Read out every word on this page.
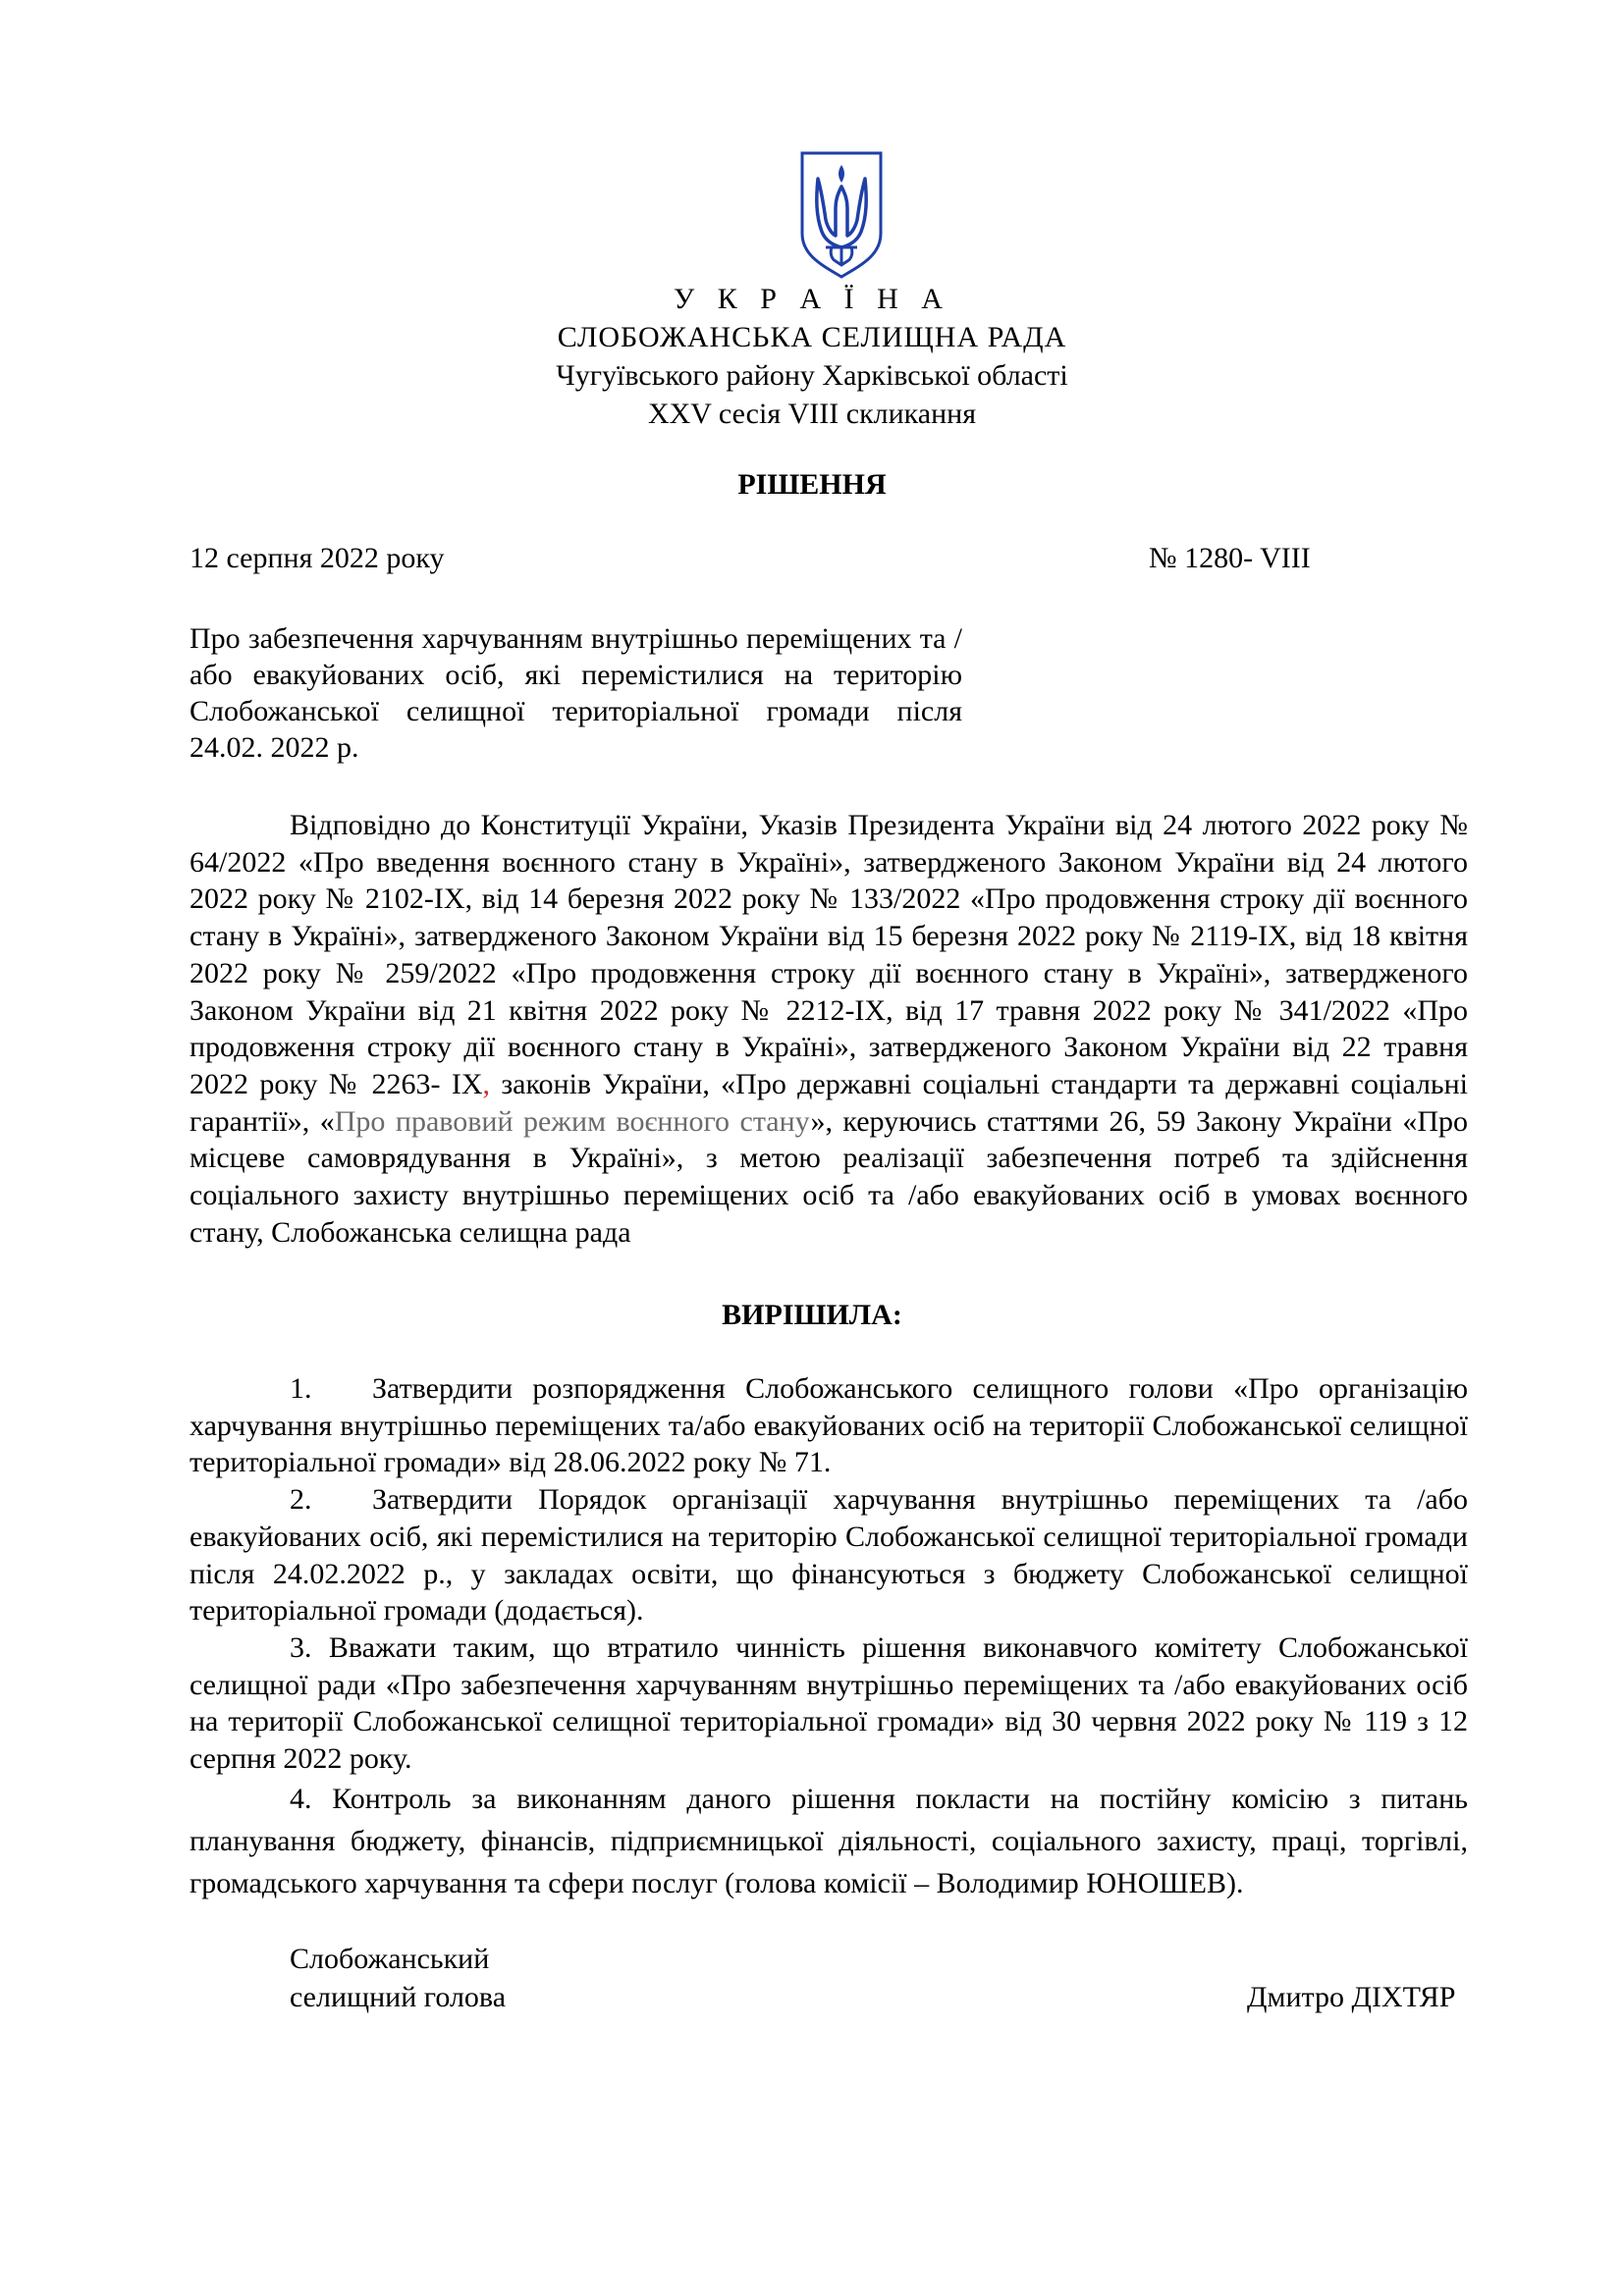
У К Р А Ї Н А
СЛОБОЖАНСЬКА СЕЛИЩНА РАДА
Чугуївського району Харківської області
XXV сесія VIII скликання
РІШЕННЯ
12 серпня 2022 року	№ 1280- VIII
Про забезпечення харчуванням внутрішньо переміщених та /або евакуйованих осіб, які перемістилися на територію Слобожанської селищної територіальної громади після 24.02. 2022 р.
Відповідно до Конституції України, Указів Президента України від 24 лютого 2022 року № 64/2022 «Про введення воєнного стану в Україні», затвердженого Законом України від 24 лютого 2022 року № 2102-IX, від 14 березня 2022 року № 133/2022 «Про продовження строку дії воєнного стану в Україні», затвердженого Законом України від 15 березня 2022 року № 2119-IX, від 18 квітня 2022 року № 259/2022 «Про продовження строку дії воєнного стану в Україні», затвердженого Законом України від 21 квітня 2022 року № 2212-IX, від 17 травня 2022 року № 341/2022 «Про продовження строку дії воєнного стану в Україні», затвердженого Законом України від 22 травня 2022 року № 2263- IX, законів України, «Про державні соціальні стандарти та державні соціальні гарантії», «Про правовий режим воєнного стану», керуючись статтями 26, 59 Закону України «Про місцеве самоврядування в Україні», з метою реалізації забезпечення потреб та здійснення соціального захисту внутрішньо переміщених осіб та /або евакуйованих осіб в умовах воєнного стану, Слобожанська селищна рада
ВИРІШИЛА:

1. Затвердити розпорядження Слобожанського селищного голови «Про організацію харчування внутрішньо переміщених та/або евакуйованих осіб на території Слобожанської селищної територіальної громади» від 28.06.2022 року № 71.

2. Затвердити Порядок організації харчування внутрішньо переміщених та /або евакуйованих осіб, які перемістилися на територію Слобожанської селищної територіальної громади після 24.02.2022 р., у закладах освіти, що фінансуються з бюджету Слобожанської селищної територіальної громади (додається).

3. Вважати таким, що втратило чинність рішення виконавчого комітету Слобожанської селищної ради «Про забезпечення харчуванням внутрішньо переміщених та /або евакуйованих осіб на території Слобожанської селищної територіальної громади» від 30 червня 2022 року № 119 з 12 серпня 2022 року.

4. Контроль за виконанням даного рішення покласти на постійну комісію з питань планування бюджету, фінансів, підприємницької діяльності, соціального захисту, праці, торгівлі, громадського харчування та сфери послуг (голова комісії – Володимир ЮНОШЕВ).

Слобожанський
селищний голова	Дмитро ДІХТЯР
